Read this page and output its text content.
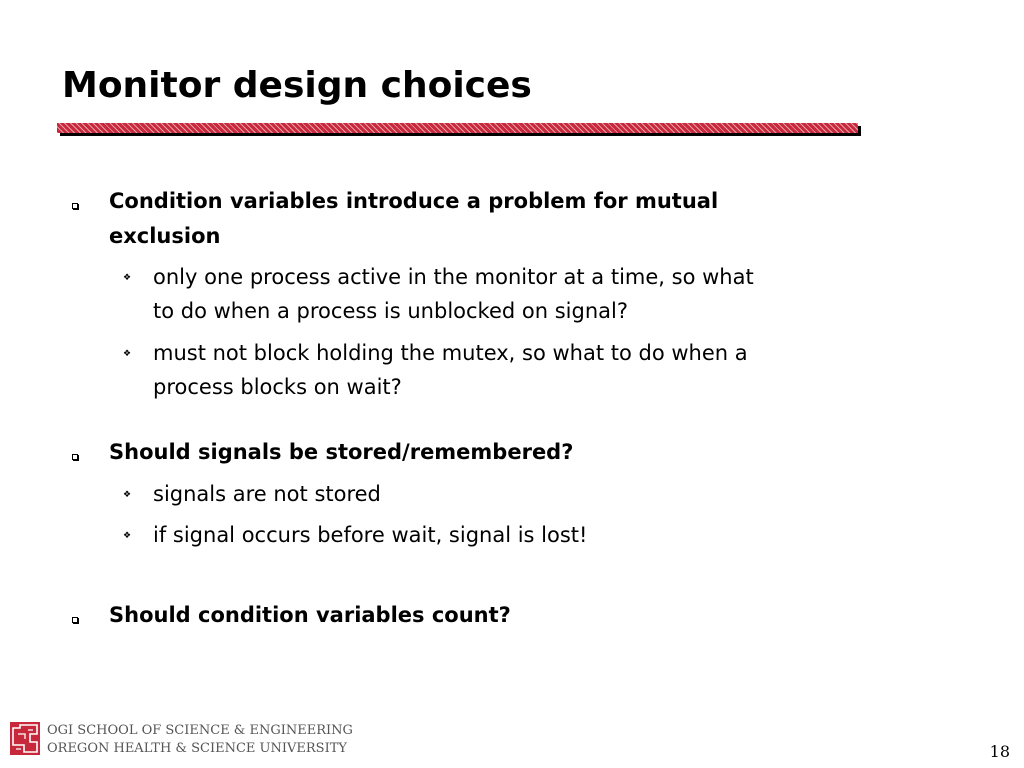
Monitor design choices
Condition variables introduce a problem for mutual
exclusion
❖ only one process active in the monitor at a time, so what
to do when a process is unblocked on signal?
❖ must not block holding the mutex, so what to do when a
process blocks on wait?
Should signals be stored/remembered?
❖ signals are not stored
❖ if signal occurs before wait, signal is lost!
Should condition variables count?
OGI SCHOOL OF SCIENCE & ENGINEERING
OREGON HEALTH & SCIENCE UNIVERSITY	18
